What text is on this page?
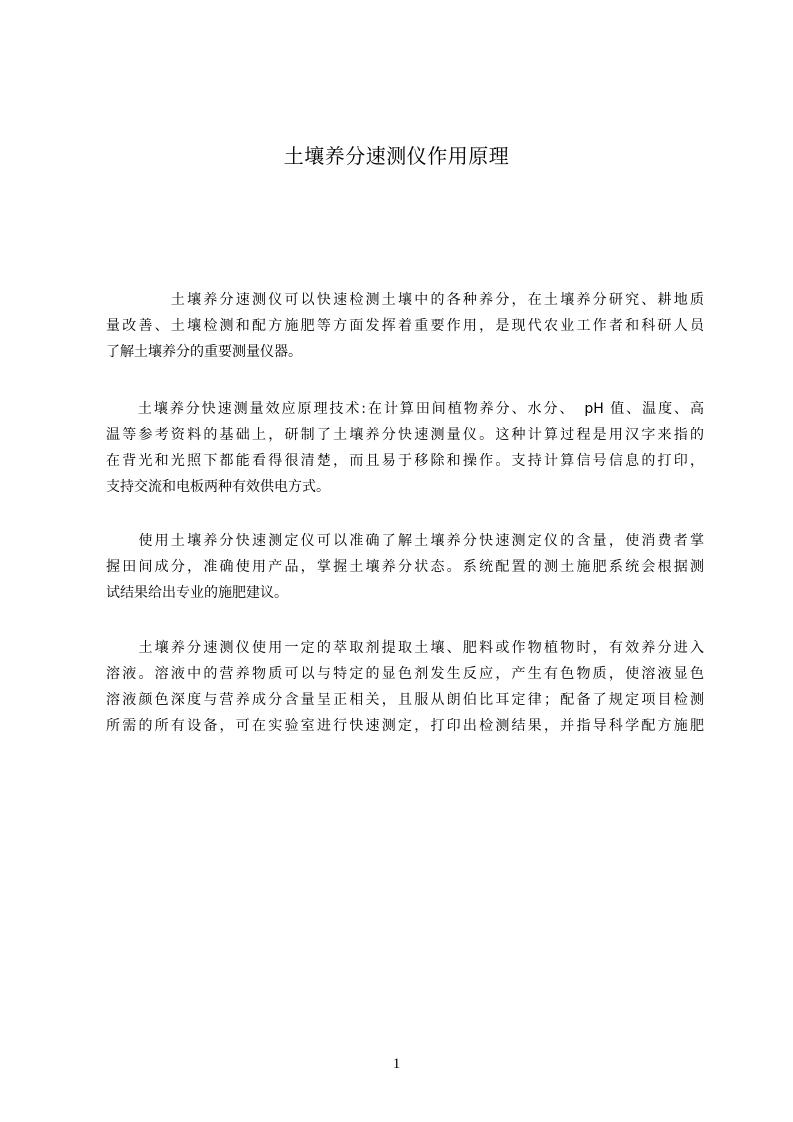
土壤养分速测仪作用原理
　　　　土壤养分速测仪可以快速检测土壤中的各种养分，在土壤养分研究、耕地质
量改善、土壤检测和配方施肥等方面发挥着重要作用，是现代农业工作者和科研人员
了解土壤养分的重要测量仪器。
　　土壤养分快速测量效应原理技术:在计算田间植物养分、水分、　pH 值、温度、高
温等参考资料的基础上，研制了土壤养分快速测量仪。这种计算过程是用汉字来指的
在背光和光照下都能看得很清楚，而且易于移除和操作。支持计算信号信息的打印，
支持交流和电板两种有效供电方式。
　　使用土壤养分快速测定仪可以准确了解土壤养分快速测定仪的含量，使消费者掌
握田间成分，准确使用产品，掌握土壤养分状态。系统配置的测土施肥系统会根据测
试结果给出专业的施肥建议。
　　土壤养分速测仪使用一定的萃取剂提取土壤、肥料或作物植物时，有效养分进入
溶液。溶液中的营养物质可以与特定的显色剂发生反应，产生有色物质，使溶液显色
溶液颜色深度与营养成分含量呈正相关，且服从朗伯比耳定律；配备了规定项目检测
所需的所有设备，可在实验室进行快速测定，打印出检测结果，并指导科学配方施肥
1
